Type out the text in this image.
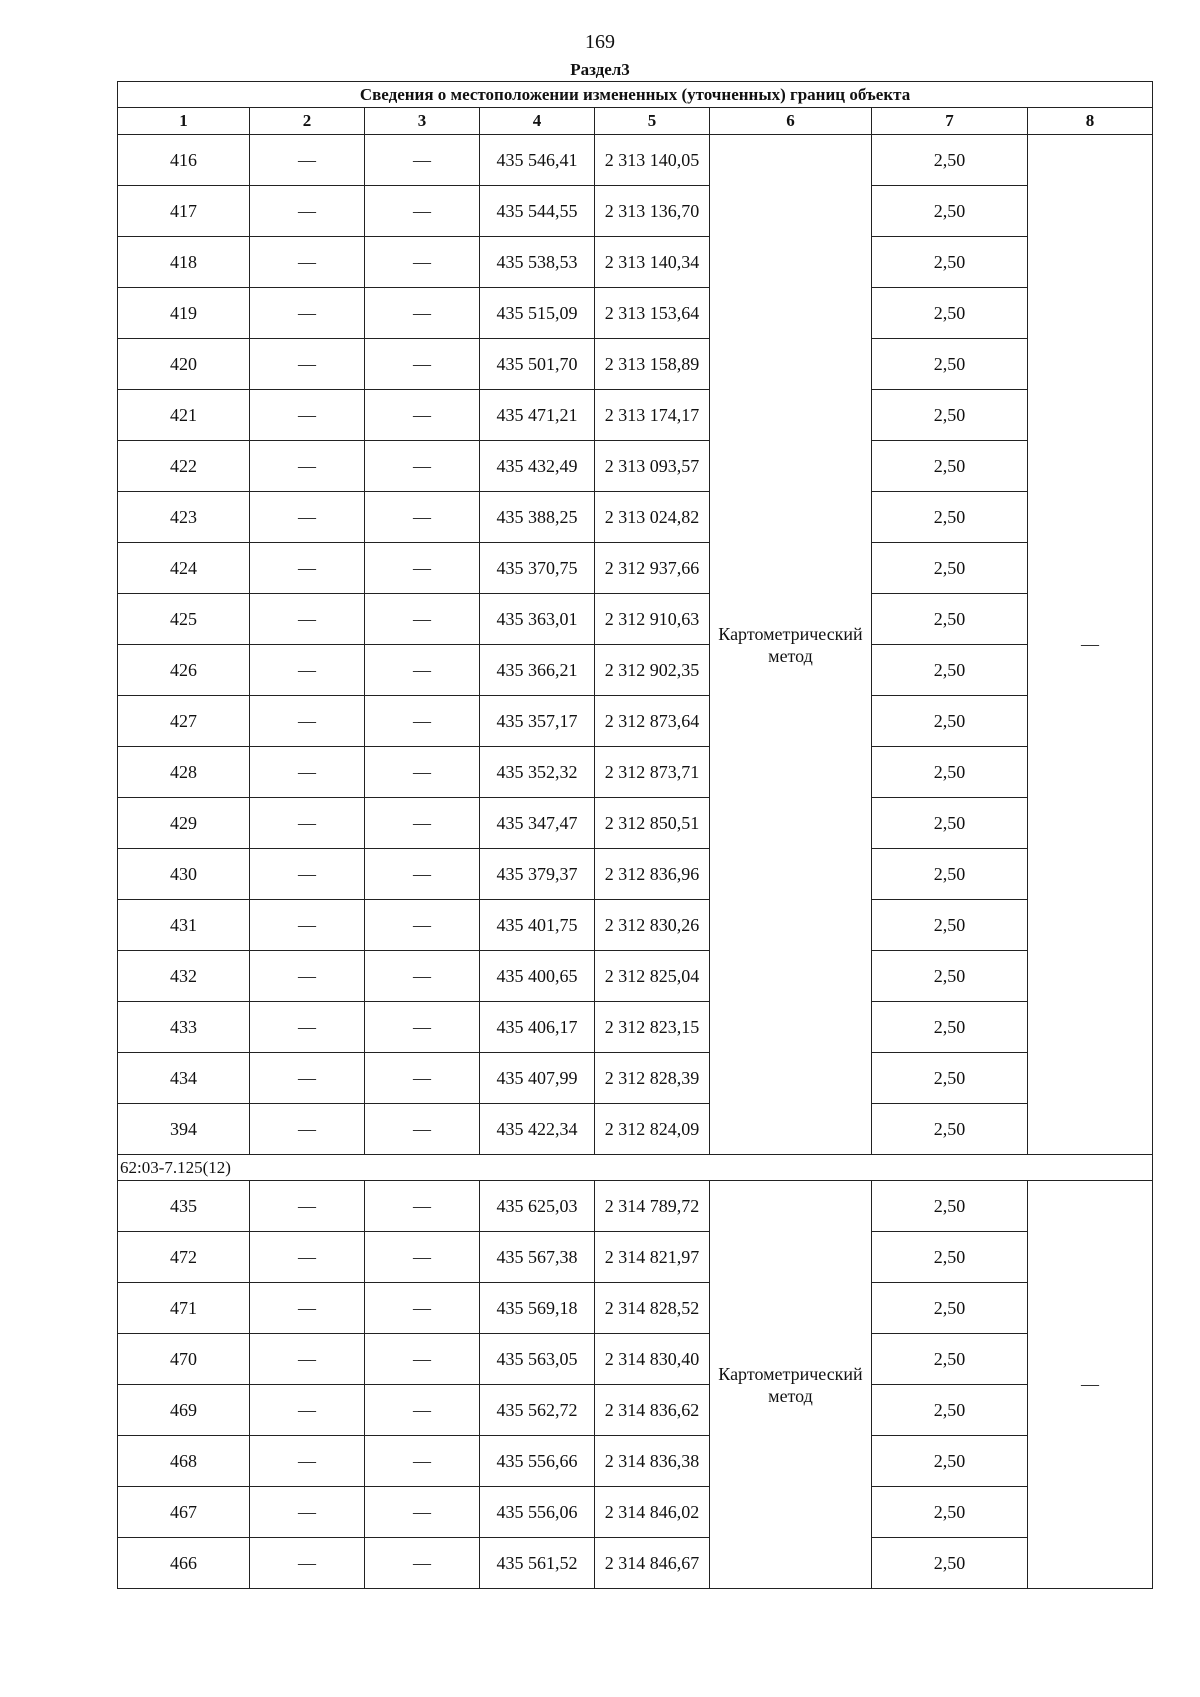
169
Раздел3
Сведения о местоположении измененных (уточненных) границ объекта							
1	2	3	4	5	6	7	8
416	—	—	435 546,41	2 313 140,05	Картометрический метод	2,50	—
417	—	—	435 544,55	2 313 136,70		2,50	
418	—	—	435 538,53	2 313 140,34		2,50	
419	—	—	435 515,09	2 313 153,64		2,50	
420	—	—	435 501,70	2 313 158,89		2,50	
421	—	—	435 471,21	2 313 174,17		2,50	
422	—	—	435 432,49	2 313 093,57		2,50	
423	—	—	435 388,25	2 313 024,82		2,50	
424	—	—	435 370,75	2 312 937,66		2,50	
425	—	—	435 363,01	2 312 910,63		2,50	
426	—	—	435 366,21	2 312 902,35		2,50	
427	—	—	435 357,17	2 312 873,64		2,50	
428	—	—	435 352,32	2 312 873,71		2,50	
429	—	—	435 347,47	2 312 850,51		2,50	
430	—	—	435 379,37	2 312 836,96		2,50	
431	—	—	435 401,75	2 312 830,26		2,50	
432	—	—	435 400,65	2 312 825,04		2,50	
433	—	—	435 406,17	2 312 823,15		2,50	
434	—	—	435 407,99	2 312 828,39		2,50	
394	—	—	435 422,34	2 312 824,09		2,50	
62:03-7.125(12)							
435	—	—	435 625,03	2 314 789,72	Картометрический метод	2,50	—
472	—	—	435 567,38	2 314 821,97		2,50	
471	—	—	435 569,18	2 314 828,52		2,50	
470	—	—	435 563,05	2 314 830,40		2,50	
469	—	—	435 562,72	2 314 836,62		2,50	
468	—	—	435 556,66	2 314 836,38		2,50	
467	—	—	435 556,06	2 314 846,02		2,50	
466	—	—	435 561,52	2 314 846,67		2,50	
